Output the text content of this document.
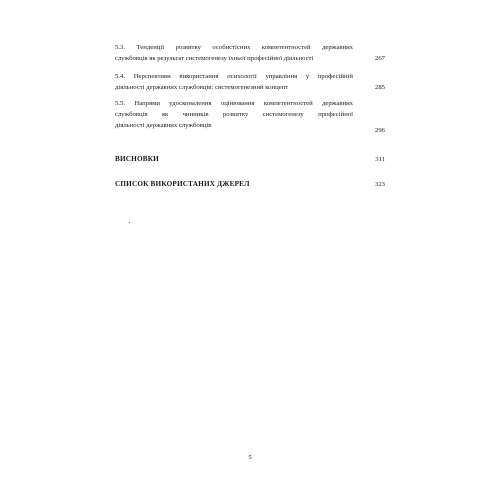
5.3. Тенденції розвитку особистісних компетентностей державних
службовців як результат системогенезу їхньої професійної діяльності	267
5.4. Перспективи використання психології управління у професійній
діяльності державних службовців: системогенезний концепт	285
5.5. Напрями удосконалення оцінювання компетентностей державних
службовців як чинників розвитку системогенезу професійної
діяльності державних службовців
296
ВИСНОВКИ	311
СПИСОК ВИКОРИСТАНИХ ДЖЕРЕЛ	323
5
